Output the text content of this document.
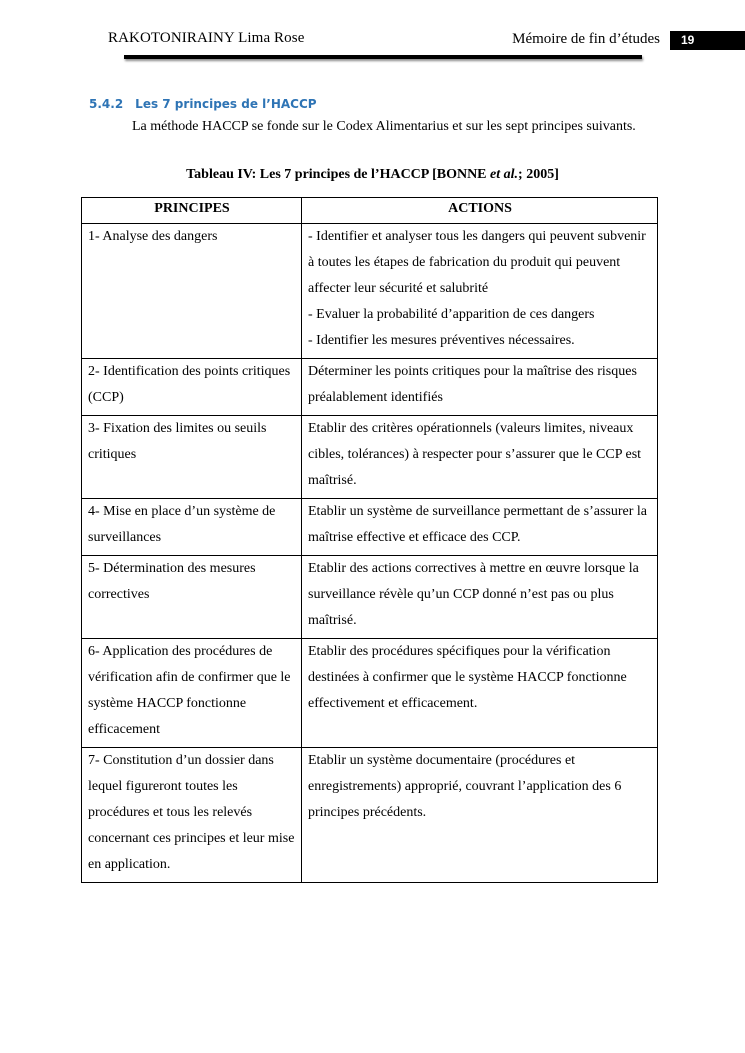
RAKOTONIRAINY Lima Rose	Mémoire de fin d’études	19
5.4.2 Les 7 principes de l’HACCP

La méthode HACCP se fonde sur le Codex Alimentarius et sur les sept principes suivants.

Tableau IV: Les 7 principes de l’HACCP [BONNE et al.; 2005]
PRINCIPES	ACTIONS
1- Analyse des dangers	- Identifier et analyser tous les dangers qui peuvent subvenir à toutes les étapes de fabrication du produit qui peuvent affecter leur sécurité et salubrité
- Evaluer la probabilité d’apparition de ces dangers
- Identifier les mesures préventives nécessaires.

2- Identification des points critiques (CCP)	Déterminer les points critiques pour la maîtrise des risques préalablement identifiés

3- Fixation des limites ou seuils critiques	Etablir des critères opérationnels (valeurs limites, niveaux cibles, tolérances) à respecter pour s’assurer que le CCP est maîtrisé.

4- Mise en place d’un système de surveillances	Etablir un système de surveillance permettant de s’assurer la maîtrise effective et efficace des CCP.

5- Détermination des mesures correctives	Etablir des actions correctives à mettre en œuvre lorsque la surveillance révèle qu’un CCP donné n’est pas ou plus maîtrisé.

6- Application des procédures de vérification afin de confirmer que le système HACCP fonctionne efficacement	Etablir des procédures spécifiques pour la vérification destinées à confirmer que le système HACCP fonctionne effectivement et efficacement.

7- Constitution d’un dossier dans lequel figureront toutes les procédures et tous les relevés concernant ces principes et leur mise en application.	Etablir un système documentaire (procédures et enregistrements) approprié, couvrant l’application des 6 principes précédents.
